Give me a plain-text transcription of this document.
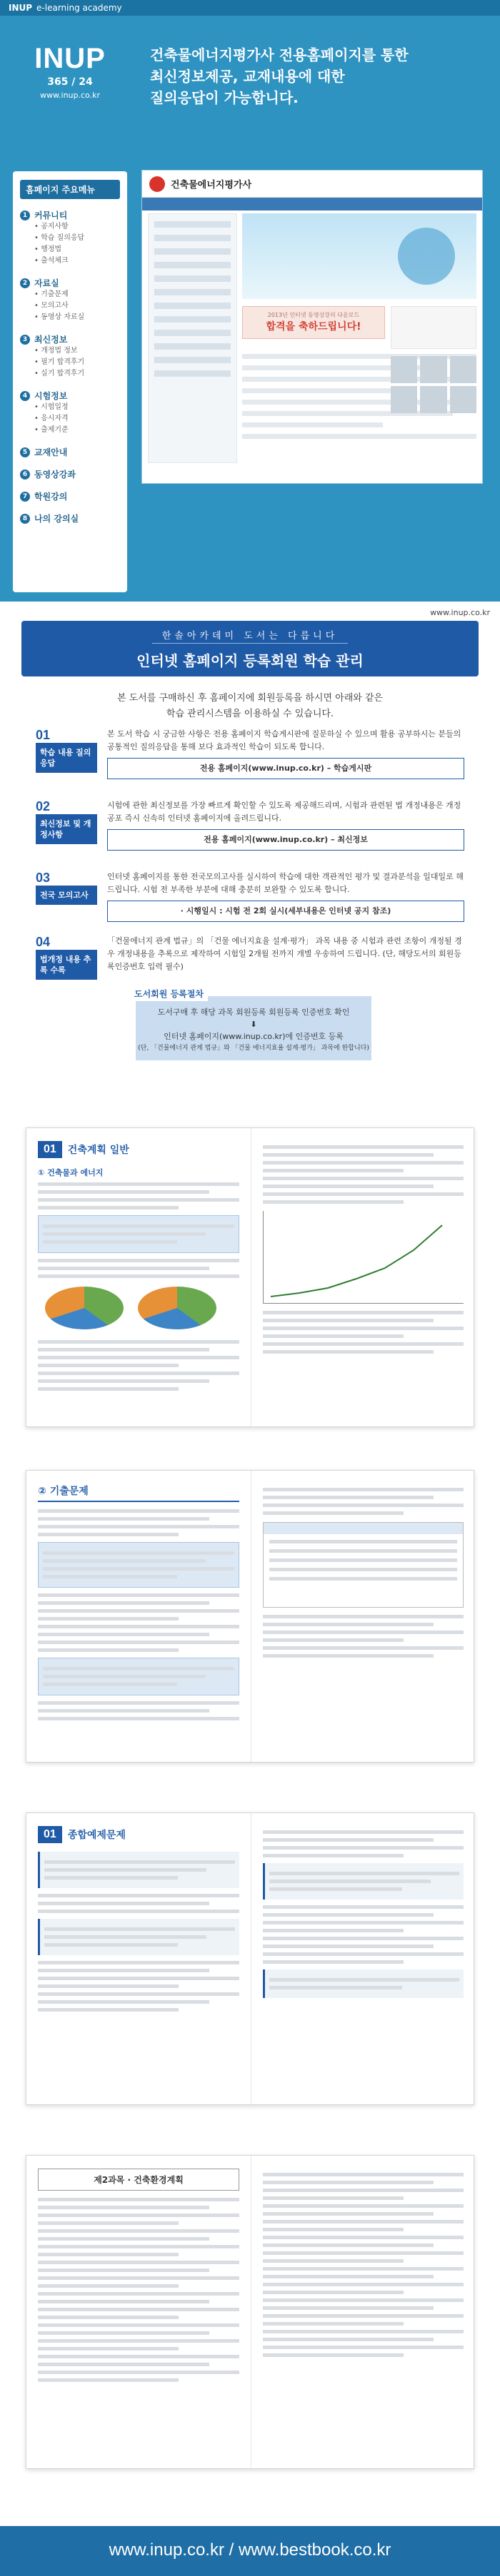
INUP e-learning academy
INUP
365 / 24
www.inup.co.kr
건축물에너지평가사 전용홈페이지를 통한
최신정보제공, 교재내용에 대한
질의응답이 가능합니다.
홈페이지 주요메뉴
1 커뮤니티
• 공지사항
• 학습 질의응답
• 행정법
• 출석체크
2 자료실
• 기출문제
• 모의고사
• 동영상 자료실
3 최신정보
• 개정법 정보
• 필기 합격후기
• 실기 합격후기
4 시험정보
• 시험일정
• 응시자격
• 출제기준
5 교재안내
6 동영상강좌
7 학원강의
8 나의 강의실
건축물에너지평가사
2013년 인터넷 동영상강의 다운로드
합격을 축하드립니다!
www.inup.co.kr
한솔아카데미 도서는 다릅니다
인터넷 홈페이지 등록회원 학습 관리
본 도서를 구매하신 후 홈페이지에 회원등록을 하시면 아래와 같은
학습 관리시스템을 이용하실 수 있습니다.
01
학습 내용 질의 응답
본 도서 학습 시 궁금한 사항은 전용 홈페이지 학습게시판에 질문하실 수 있으며 활용 공부하시는 분들의 공통적인 질의응답을 통해 보다 효과적인 학습이 되도록 합니다.
전용 홈페이지(www.inup.co.kr) – 학습게시판
02
최신정보 및 개정사항
시험에 관한 최신정보를 가장 빠르게 확인할 수 있도록 제공해드리며, 시험과 관련된 법 개정내용은 개정 공포 즉시 신속히 인터넷 홈페이지에 올려드립니다.
전용 홈페이지(www.inup.co.kr) – 최신정보
03
전국 모의고사
인터넷 홈페이지를 통한 전국모의고사를 실시하여 학습에 대한 객관적인 평가 및 결과분석을 일대일로 해드립니다. 시험 전 부족한 부분에 대해 충분히 보완할 수 있도록 합니다.
· 시행일시 : 시험 전 2회 실시(세부내용은 인터넷 공지 참조)
04
법개정 내용 추록 수록
「건물에너지 관계 법규」의 「건물 에너지효율 설계·평가」 과목 내용 중 시험과 관련 조항이 개정될 경우 개정내용을 추록으로 제작하여 시험일 2개월 전까지 개별 우송하여 드립니다. (단, 해당도서의 회원등록인증번호 입력 필수)
도서회원 등록절차
도서구매 후 해당 과목 회원등록 회원등록 인증번호 확인
⬇
인터넷 홈페이지(www.inup.co.kr)에 인증번호 등록
(단, 「건물에너지 관계 법규」와 「건물 에너지효율 설계·평가」 과목에 한합니다)
01	건축계획 일반
① 건축물과 에너지
② 기출문제
01	종합예제문제
제2과목 · 건축환경계획
www.inup.co.kr / www.bestbook.co.kr
